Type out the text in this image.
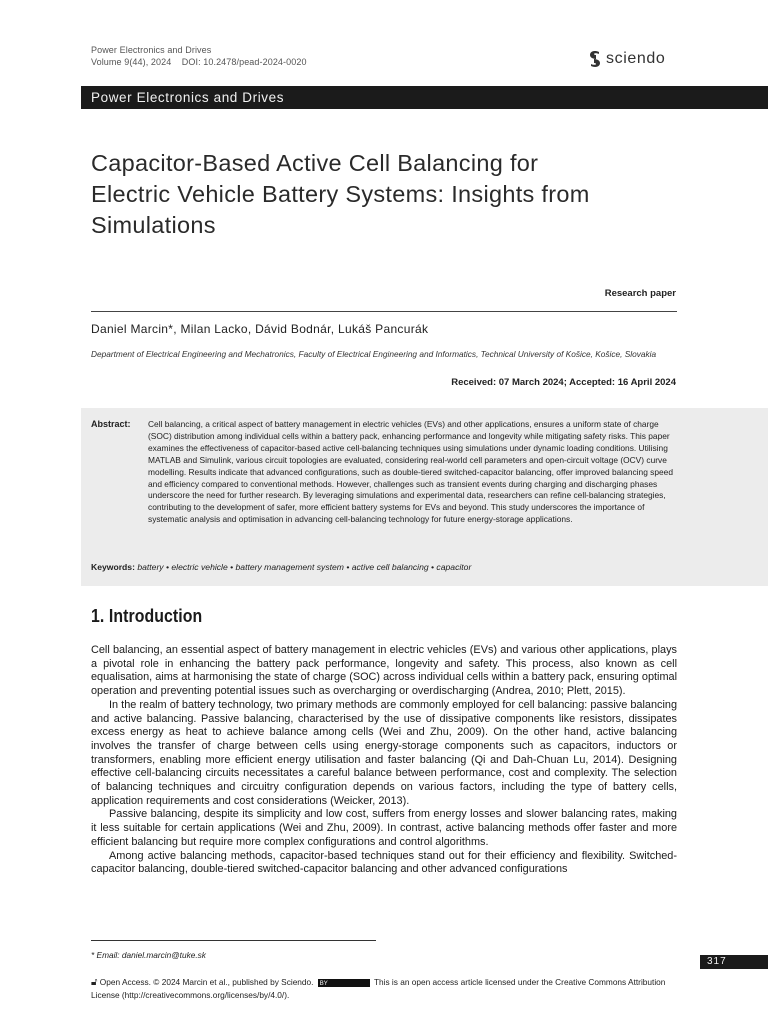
Power Electronics and Drives
Volume 9(44), 2024 DOI: 10.2478/pead-2024-0020	sciendo
Power Electronics and Drives
Capacitor-Based Active Cell Balancing for
Electric Vehicle Battery Systems: Insights from
Simulations
Research paper
Daniel Marcin*, Milan Lacko, Dávid Bodnár, Lukáš Pancurák
Department of Electrical Engineering and Mechatronics, Faculty of Electrical Engineering and Informatics, Technical University of Košice, Košice, Slovakia
Received: 07 March 2024; Accepted: 16 April 2024
Abstract: Cell balancing, a critical aspect of battery management in electric vehicles (EVs) and other applications, ensures a uniform state of charge (SOC) distribution among individual cells within a battery pack, enhancing performance and longevity while mitigating safety risks. This paper examines the effectiveness of capacitor-based active cell-balancing techniques using simulations under dynamic loading conditions. Utilising MATLAB and Simulink, various circuit topologies are evaluated, considering real-world cell parameters and open-circuit voltage (OCV) curve modelling. Results indicate that advanced configurations, such as double-tiered switched-capacitor balancing, offer improved balancing speed and efficiency compared to conventional methods. However, challenges such as transient events during charging and discharging phases underscore the need for further research. By leveraging simulations and experimental data, researchers can refine cell-balancing strategies, contributing to the development of safer, more efficient battery systems for EVs and beyond. This study underscores the importance of systematic analysis and optimisation in advancing cell-balancing technology for future energy-storage applications.

Keywords: battery • electric vehicle • battery management system • active cell balancing • capacitor
1. Introduction

Cell balancing, an essential aspect of battery management in electric vehicles (EVs) and various other applications, plays a pivotal role in enhancing the battery pack performance, longevity and safety. This process, also known as cell equalisation, aims at harmonising the state of charge (SOC) across individual cells within a battery pack, ensuring optimal operation and preventing potential issues such as overcharging or overdischarging (Andrea, 2010; Plett, 2015).

In the realm of battery technology, two primary methods are commonly employed for cell balancing: passive balancing and active balancing. Passive balancing, characterised by the use of dissipative components like resistors, dissipates excess energy as heat to achieve balance among cells (Wei and Zhu, 2009). On the other hand, active balancing involves the transfer of charge between cells using energy-storage components such as capacitors, inductors or transformers, enabling more efficient energy utilisation and faster balancing (Qi and Dah-Chuan Lu, 2014). Designing effective cell-balancing circuits necessitates a careful balance between performance, cost and complexity. The selection of balancing techniques and circuitry configuration depends on various factors, including the type of battery cells, application requirements and cost considerations (Weicker, 2013).

Passive balancing, despite its simplicity and low cost, suffers from energy losses and slower balancing rates, making it less suitable for certain applications (Wei and Zhu, 2009). In contrast, active balancing methods offer faster and more efficient balancing but require more complex configurations and control algorithms.

Among active balancing methods, capacitor-based techniques stand out for their efficiency and flexibility. Switched-capacitor balancing, double-tiered switched-capacitor balancing and other advanced configurations

* Email: daniel.marcin@tuke.sk
317
🔓︎ Open Access. © 2024 Marcin et al., published by Sciendo. BY	This is an open access article licensed under the Creative Commons Attribution License (http://creativecommons.org/licenses/by/4.0/).
